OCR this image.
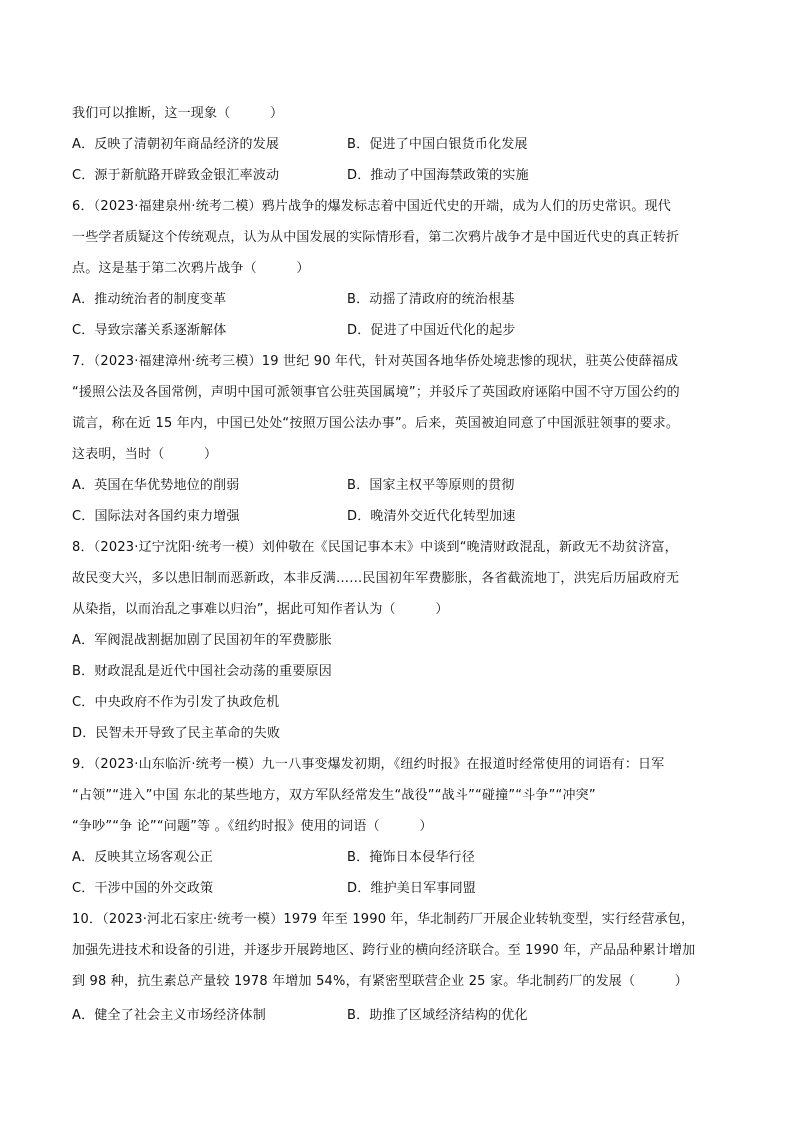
我们可以推断，这一现象（　　　）
A．反映了清朝初年商品经济的发展	B．促进了中国白银货币化发展
C．源于新航路开辟致金银汇率波动	D．推动了中国海禁政策的实施
6．（2023·福建泉州·统考二模）鸦片战争的爆发标志着中国近代史的开端，成为人们的历史常识。现代
一些学者质疑这个传统观点，认为从中国发展的实际情形看，第二次鸦片战争才是中国近代史的真正转折
点。这是基于第二次鸦片战争（　　　）
A．推动统治者的制度变革	B．动摇了清政府的统治根基
C．导致宗藩关系逐渐解体	D．促进了中国近代化的起步
7．（2023·福建漳州·统考三模）19 世纪 90 年代，针对英国各地华侨处境悲惨的现状，驻英公使薛福成
“援照公法及各国常例，声明中国可派领事官公驻英国属境”；并驳斥了英国政府诬陷中国不守万国公约的
谎言，称在近 15 年内，中国已处处“按照万国公法办事”。后来，英国被迫同意了中国派驻领事的要求。
这表明，当时（　　　）
A．英国在华优势地位的削弱	B．国家主权平等原则的贯彻
C．国际法对各国约束力增强	D．晚清外交近代化转型加速
8．（2023·辽宁沈阳·统考一模）刘仲敬在《民国记事本末》中谈到“晚清财政混乱，新政无不劫贫济富，
故民变大兴，多以患旧制而恶新政，本非反满……民国初年军费膨胀，各省截流地丁，洪宪后历届政府无
从染指，以而治乱之事难以归治”，据此可知作者认为（　　　）
A．军阀混战割据加剧了民国初年的军费膨胀
B．财政混乱是近代中国社会动荡的重要原因
C．中央政府不作为引发了执政危机
D．民智未开导致了民主革命的失败
9．（2023·山东临沂·统考一模）九一八事变爆发初期，《纽约时报》在报道时经常使用的词语有：日军
“占领”“进入”中国 东北的某些地方，双方军队经常发生“战役”“战斗”“碰撞”“斗争”“冲突”
“争吵”“争 论”“问题”等 。《纽约时报》使用的词语（　　　）
A．反映其立场客观公正	B．掩饰日本侵华行径
C．干涉中国的外交政策	D．维护美日军事同盟
10．（2023·河北石家庄·统考一模）1979 年至 1990 年，华北制药厂开展企业转轨变型，实行经营承包，
加强先进技术和设备的引进，并逐步开展跨地区、跨行业的横向经济联合。至 1990 年，产品品种累计增加
到 98 种，抗生素总产量较 1978 年增加 54%，有紧密型联营企业 25 家。华北制药厂的发展（　　　）
A．健全了社会主义市场经济体制	B．助推了区域经济结构的优化
